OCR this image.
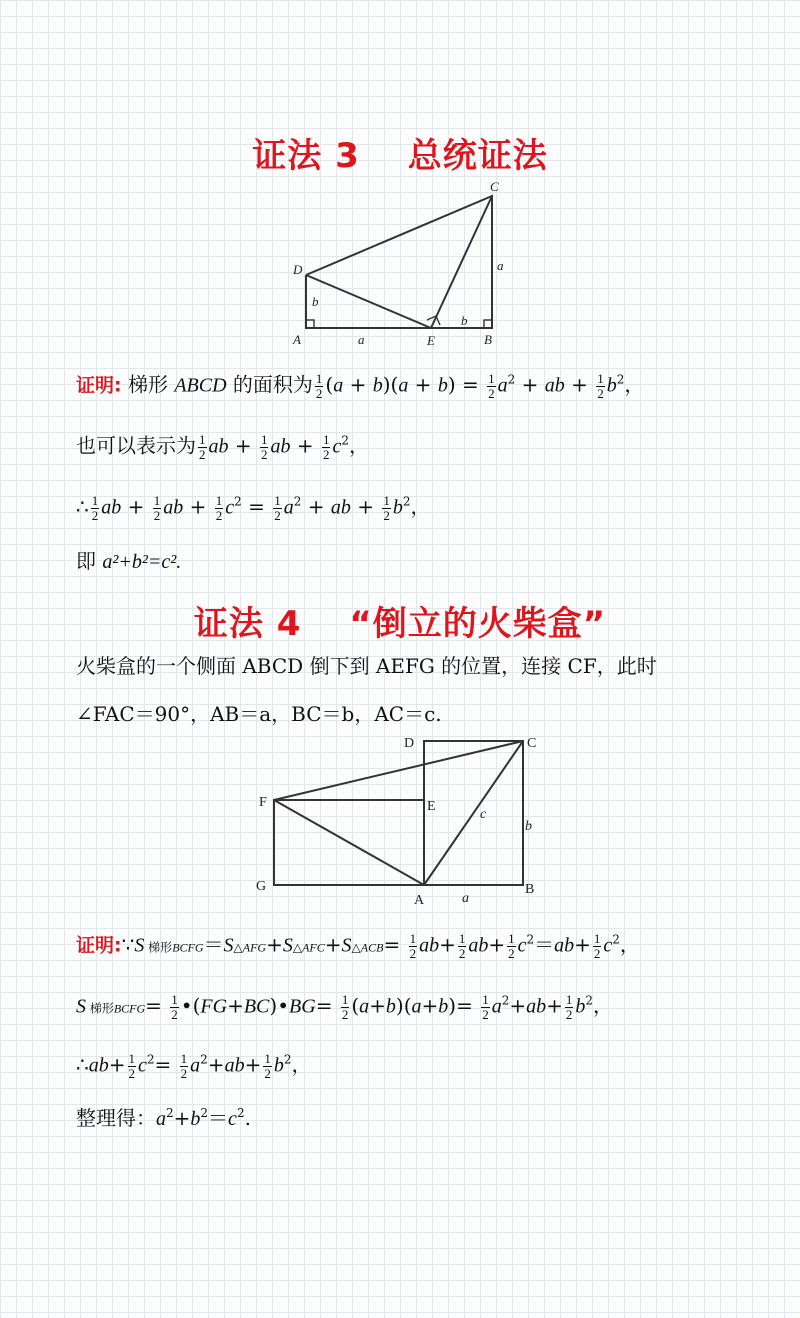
证法 3 总统证法
A	B
C
D
E
a
a
b
b
证明: 梯形 ABCD 的面积为 $\frac{1}{2} (a + b)(a + b) = \frac{1}{2} a^2$ + ab + $\frac{1}{2} b^2$，
也可以表示为 $\frac{1}{2}$ ab + $\frac{1}{2}$ ab + $\frac{1}{2} c^2$，
∴ $\frac{1}{2}$ ab + $\frac{1}{2}$ ab + $\frac{1}{2} c^2 = \frac{1}{2} a^2$ + ab + $\frac{1}{2} b^2$，
即 a²+b²=c².
证法 4 “倒立的火柴盒”
火柴盒的一个侧面 ABCD 倒下到 AEFG 的位置，连接 CF，此时
∠FAC＝90°，AB＝a，BC＝b，AC＝c.
D	C
F	E
G
A
B
a
b
c
证明:∵S 梯形BCFG＝S△AFG+S△AFC+S△ACB= $\frac{1}{2} ab+ \frac{1}{2} ab+ \frac{1}{2} c^2=ab+ \frac{1}{2} c^2$，
S 梯形BCFG= $\frac{1}{2}$ •(FG+BC)•BG= $\frac{1}{2} (a+b)(a+b)= \frac{1}{2} a^2+ab+ \frac{1}{2} b^2$，
∴ab+ $\frac{1}{2} c^2= \frac{1}{2} a^2+ab+ \frac{1}{2} b^2$，
整理得：$a^2+b^2=c^2$.
